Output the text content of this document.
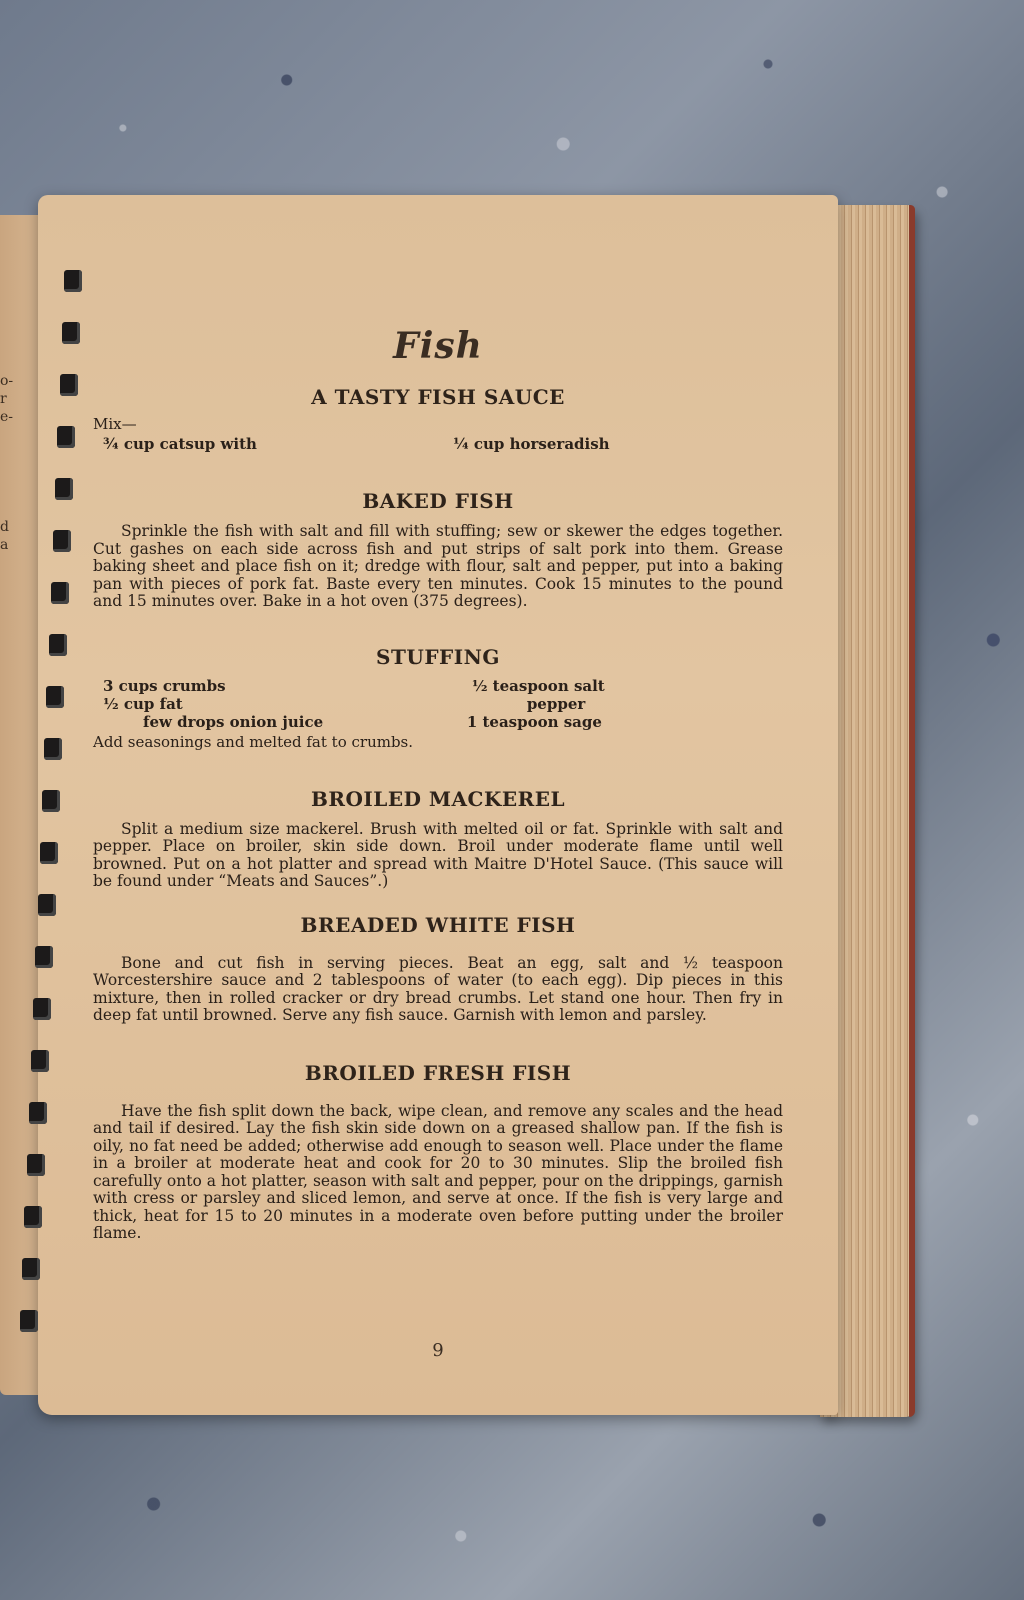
o-
r
e-
d
a
Fish
A TASTY FISH SAUCE
Mix—
¾ cup catsup with	¼ cup horseradish
BAKED FISH

Sprinkle the fish with salt and fill with stuffing; sew or skewer the edges together. Cut gashes on each side across fish and put strips of salt pork into them. Grease baking sheet and place fish on it; dredge with flour, salt and pepper, put into a baking pan with pieces of pork fat. Baste every ten minutes. Cook 15 minutes to the pound and 15 minutes over. Bake in a hot oven (375 degrees).

STUFFING
3 cups crumbs
½ cup fat
few drops onion juice
½ teaspoon salt
pepper
1 teaspoon sage
Add seasonings and melted fat to crumbs.
BROILED MACKEREL

Split a medium size mackerel. Brush with melted oil or fat. Sprinkle with salt and pepper. Place on broiler, skin side down. Broil under moderate flame until well browned. Put on a hot platter and spread with Maitre D'Hotel Sauce. (This sauce will be found under “Meats and Sauces”.)

BREADED WHITE FISH

Bone and cut fish in serving pieces. Beat an egg, salt and ½ teaspoon Worcestershire sauce and 2 tablespoons of water (to each egg). Dip pieces in this mixture, then in rolled cracker or dry bread crumbs. Let stand one hour. Then fry in deep fat until browned. Serve any fish sauce. Garnish with lemon and parsley.

BROILED FRESH FISH

Have the fish split down the back, wipe clean, and remove any scales and the head and tail if desired. Lay the fish skin side down on a greased shallow pan. If the fish is oily, no fat need be added; otherwise add enough to season well. Place under the flame in a broiler at moderate heat and cook for 20 to 30 minutes. Slip the broiled fish carefully onto a hot platter, season with salt and pepper, pour on the drippings, garnish with cress or parsley and sliced lemon, and serve at once. If the fish is very large and thick, heat for 15 to 20 minutes in a moderate oven before putting under the broiler flame.

9
